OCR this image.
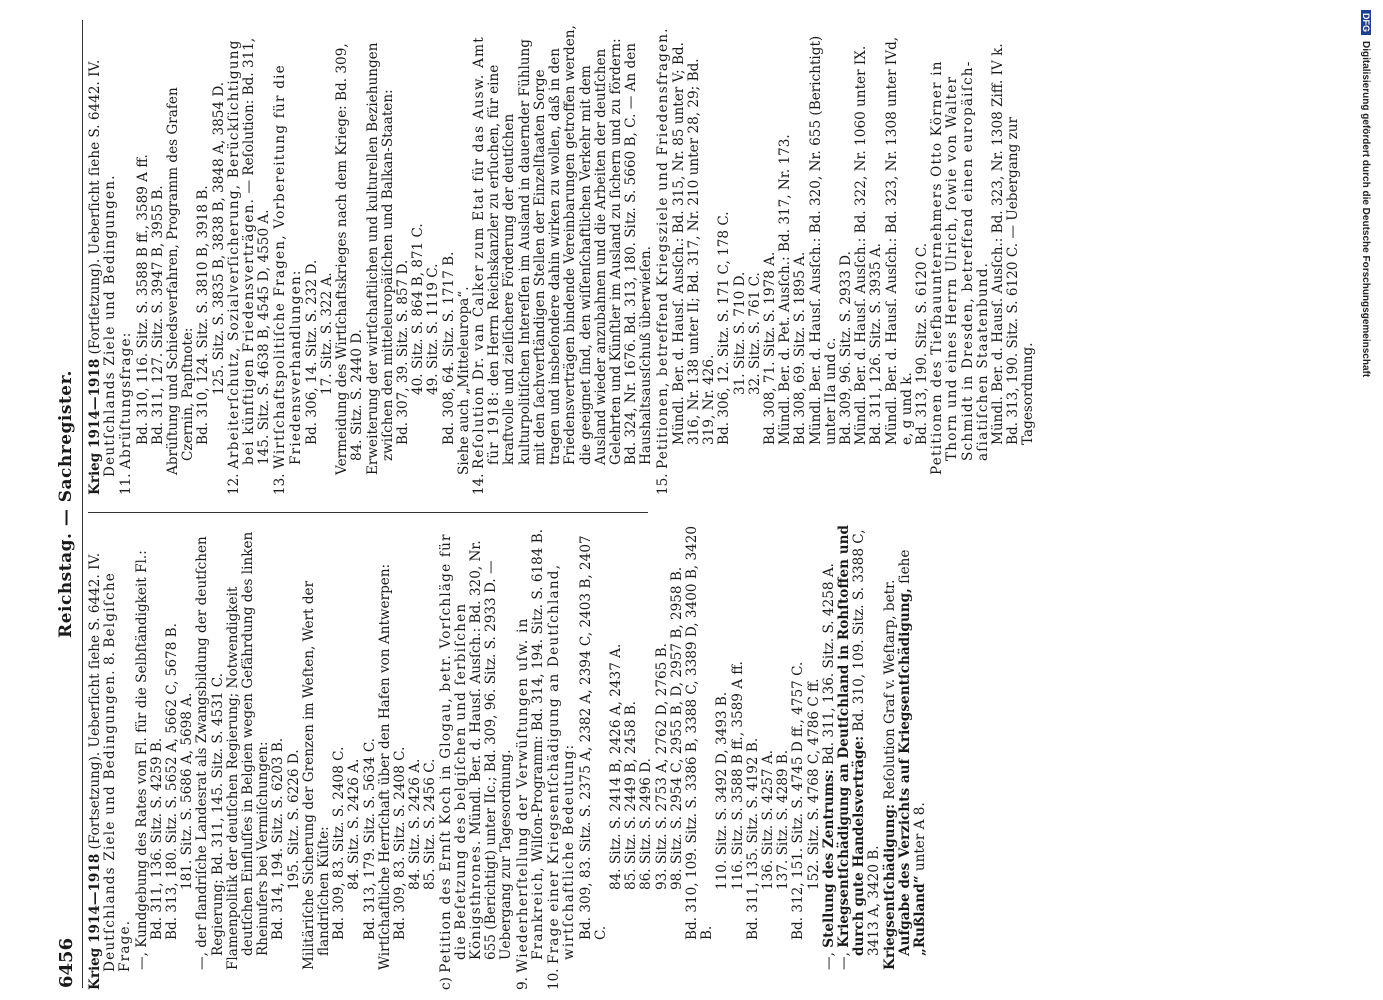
6456
Reichstag. — Sachregister.

Krieg 1914—1918 (Fortsetzung). Ueberſicht ſiehe S. 6442. IV. Deutſchlands Ziele und Bedingungen. 8. Belgiſche Frage. —, Kundgebung des Rates von Fl. für die Selbſtändigkeit Fl.: Bd. 311, 136. Sitz. S. 4259 B. Bd. 313, 180. Sitz. S. 5652 A, 5662 C, 5678 B. 181. Sitz. S. 5686 A, 5698 A. —, der flandriſche Landesrat als Zwangsbildung der deutſchen Regierung; Bd. 311, 145. Sitz. S. 4531 C. Flamenpolitik der deutſchen Regierung; Notwendigkeit deutſchen Einfluſſes in Belgien wegen Gefährdung des linken Rheinufers bei Vermiſchungen: Bd. 314, 194. Sitz. S. 6203 B. 195. Sitz. S. 6226 D. Militäriſche Sicherung der Grenzen im Weſten, Wert der flandriſchen Küſte: Bd. 309, 83. Sitz. S. 2408 C. 84. Sitz. S. 2426 A. Bd. 313, 179. Sitz. S. 5634 C. Wirtſchaftliche Herrſchaft über den Hafen von Antwerpen: Bd. 309, 83. Sitz. S. 2408 C. 84. Sitz. S. 2426 A. 85. Sitz. S. 2456 C.

c) Petition des Ernſt Koch in Glogau, betr. Vorſchläge für die Beſetzung des belgiſchen und ſerbiſchen Königsthrones. Mündl. Ber. d. Hausſ. Ausſch.: Bd. 320, Nr. 655 (Berichtigt) unter IIc.; Bd. 309, 96. Sitz. S. 2933 D. — Uebergang zur Tagesordnung.

9. Wiederherſtellung der Verwüſtungen uſw. in Frankreich, Wilſon-Programm: Bd. 314, 194. Sitz. S. 6184 B.

10. Frage einer Kriegsentſchädigung an Deutſchland, wirtſchaftliche Bedeutung: Bd. 309, 83. Sitz. S. 2375 A, 2382 A, 2394 C, 2403 B, 2407 C.

84. Sitz. S. 2414 B, 2426 A, 2437 A. 85. Sitz. S. 2449 B, 2458 B. 86. Sitz. S. 2496 D. 93. Sitz. S. 2753 A, 2762 D, 2765 B. 98. Sitz. S. 2954 C, 2955 B, D, 2957 B, 2958 B. Bd. 310, 109. Sitz. S. 3386 B, 3388 C, 3389 D, 3400 B, 3420 B.

110. Sitz. S. 3492 D, 3493 B. 116. Sitz. S. 3588 B ff., 3589 A ff. Bd. 311, 135. Sitz. S. 4192 B. 136. Sitz. S. 4257 A. 137. Sitz. S. 4289 B. Bd. 312, 151. Sitz. S. 4745 D ff., 4757 C. 152. Sitz. S. 4768 C, 4786 C ff.

—, Stellung des Zentrums: Bd. 311, 136. Sitz. S. 4258 A.

—, Kriegsentſchädigung an Deutſchland in Rohſtoffen und durch gute Handelsverträge: Bd. 310, 109. Sitz. S. 3388 C, 3413 A, 3420 B. Kriegsentſchädigung: Reſolution Graf v. Weſtarp, betr. Aufgabe des Verzichts auf Kriegsentſchädigung, ſiehe „Rußland“ unter A 8.

Krieg 1914—1918 (Fortſetzung). Ueberſicht ſiehe S. 6442. IV. Deutſchlands Ziele und Bedingungen.

11. Abrüſtungsfrage: Bd. 310, 116. Sitz. S. 3588 B ff., 3589 A ff. Bd. 311, 127. Sitz. S. 3947 B, 3955 B. Abrüſtung und Schiedsverfahren, Programm des Grafen Czernin, Papſtnote: Bd. 310, 124. Sitz. S. 3810 B, 3918 B. 125. Sitz. S. 3835 B, 3838 B, 3848 A, 3854 D.

12. Arbeiterſchutz, Sozialverſicherung, Berückſichtigung bei künftigen Friedensverträgen. — Reſolution: Bd. 311, 145. Sitz. S. 4638 B, 4545 D, 4550 A.

13. Wirtſchaftspolitiſche Fragen, Vorbereitung für die Friedensverhandlungen: Bd. 306, 14. Sitz. S. 232 D. 17. Sitz. S. 322 A. Vermeidung des Wirtſchaftskrieges nach dem Kriege: Bd. 309, 84. Sitz. S. 2440 D. Erweiterung der wirtſchaftlichen und kulturellen Beziehungen zwiſchen den mitteleuropäiſchen und Balkan-Staaten: Bd. 307, 39. Sitz. S. 857 D. 40. Sitz. S. 864 B, 871 C. 49. Sitz. S. 1119 C. Bd. 308, 64. Sitz. S. 1717 B. Siehe auch „Mitteleuropa“.

14. Reſolution Dr. van Calker zum Etat für das Ausw. Amt für 1918: den Herrn Reichskanzler zu erſuchen, für eine kraftvolle und zielſichere Förderung der deutſchen kulturpolitiſchen Intereſſen im Ausland in dauernder Fühlung mit den ſachverſtändigen Stellen der Einzelſtaaten Sorge tragen und insbeſondere dahin wirken zu wollen, daß in den Friedensverträgen bindende Vereinbarungen getroffen werden, die geeignet ſind, den wiſſenſchaftlichen Verkehr mit dem Ausland wieder anzubahnen und die Arbeiten der deutſchen Gelehrten und Künſtler im Ausland zu ſichern und zu fördern: Bd. 324, Nr. 1676. Bd. 313, 180. Sitz. S. 5660 B, C. — An den Haushaltsausſchuß überwieſen.

15. Petitionen, betreffend Kriegsziele und Friedensfragen. Mündl. Ber. d. Hausſ. Ausſch.: Bd. 315, Nr. 85 unter V; Bd. 316, Nr. 138 unter II; Bd. 317, Nr. 210 unter 28, 29; Bd. 319, Nr. 426. Bd. 306, 12. Sitz. S. 171 C, 178 C. 31. Sitz. S. 710 D. 32. Sitz. S. 761 C. Bd. 308, 71. Sitz. S. 1978 A. Mündl. Ber. d. Pet. Ausſch.: Bd. 317, Nr. 173. Bd. 308, 69. Sitz. S. 1895 A. Mündl. Ber. d. Hausſ. Ausſch.: Bd. 320, Nr. 655 (Berichtigt) unter IIa und c. Bd. 309, 96. Sitz. S. 2933 D. Mündl. Ber. d. Hausſ. Ausſch.: Bd. 322, Nr. 1060 unter IX. Bd. 311, 126. Sitz. S. 3935 A. Mündl. Ber. d. Hausſ. Ausſch.: Bd. 323, Nr. 1308 unter IVd, e, g und k. Bd. 313, 190. Sitz. S. 6120 C. Petitionen des Tiefbauunternehmers Otto Körner in Thorn und eines Herrn Ulrich, ſowie von Walter Schmidt in Dresden, betreffend einen europäiſch-aſiatiſchen Staatenbund. Mündl. Ber. d. Hausſ. Ausſch.: Bd. 323, Nr. 1308 Ziff. IV k. Bd. 313, 190. Sitz. S. 6120 C. — Uebergang zur Tagesordnung.

DFGDigitalisierung gefördert durch die Deutsche Forschungsgemeinschaft
